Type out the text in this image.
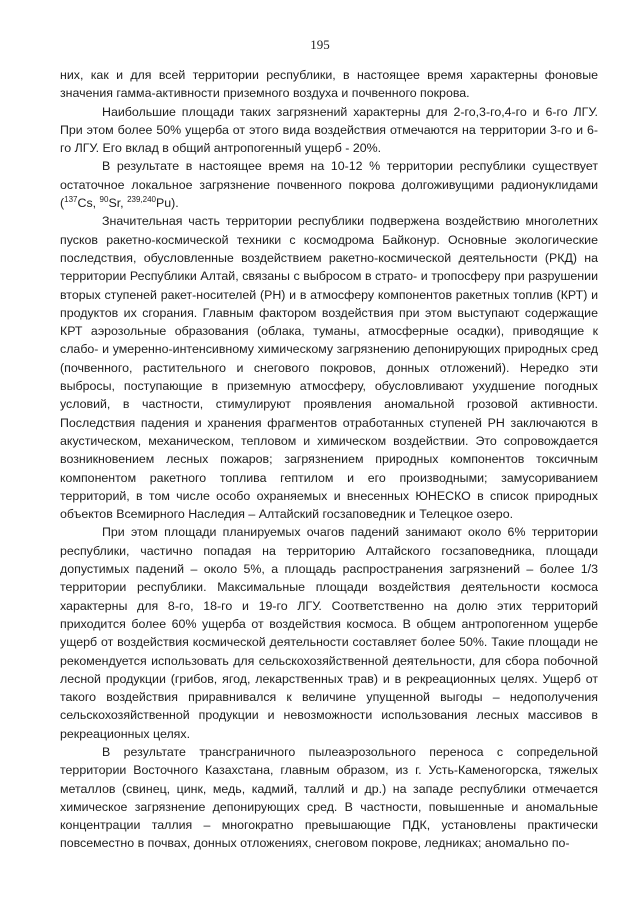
195

них, как и для всей территории республики, в настоящее время характерны фоновые значения гамма-активности приземного воздуха и почвенного покрова.

Наибольшие площади таких загрязнений характерны для 2-го,3-го,4-го и 6-го ЛГУ. При этом более 50% ущерба от этого вида воздействия отмечаются на территории 3-го и 6-го ЛГУ. Его вклад в общий антропогенный ущерб - 20%.

В результате в настоящее время на 10-12 % территории республики существует остаточное локальное загрязнение почвенного покрова долгоживущими радионуклидами ($^{137}$Cs, $^{90}$Sr, $^{239,240}$Pu).

Значительная часть территории республики подвержена воздействию многолетних пусков ракетно-космической техники с космодрома Байконур. Основные экологические последствия, обусловленные воздействием ракетно-космической деятельности (РКД) на территории Республики Алтай, связаны с выбросом в страто- и тропосферу при разрушении вторых ступеней ракет-носителей (РН) и в атмосферу компонентов ракетных топлив (КРТ) и продуктов их сгорания. Главным фактором воздействия при этом выступают содержащие КРТ аэрозольные образования (облака, туманы, атмосферные осадки), приводящие к слабо- и умеренно-интенсивному химическому загрязнению депонирующих природных сред (почвенного, растительного и снегового покровов, донных отложений). Нередко эти выбросы, поступающие в приземную атмосферу, обусловливают ухудшение погодных условий, в частности, стимулируют проявления аномальной грозовой активности. Последствия падения и хранения фрагментов отработанных ступеней РН заключаются в акустическом, механическом, тепловом и химическом воздействии. Это сопровождается возникновением лесных пожаров; загрязнением природных компонентов токсичным компонентом ракетного топлива гептилом и его производными; замусориванием территорий, в том числе особо охраняемых и внесенных ЮНЕСКО в список природных объектов Всемирного Наследия – Алтайский госзаповедник и Телецкое озеро.

При этом площади планируемых очагов падений занимают около 6% территории республики, частично попадая на территорию Алтайского госзаповедника, площади допустимых падений – около 5%, а площадь распространения загрязнений – более 1/3 территории республики. Максимальные площади воздействия деятельности космоса характерны для 8-го, 18-го и 19-го ЛГУ. Соответственно на долю этих территорий приходится более 60% ущерба от воздействия космоса. В общем антропогенном ущербе ущерб от воздействия космической деятельности составляет более 50%. Такие площади не рекомендуется использовать для сельскохозяйственной деятельности, для сбора побочной лесной продукции (грибов, ягод, лекарственных трав) и в рекреационных целях. Ущерб от такого воздействия приравнивался к величине упущенной выгоды – недополучения сельскохозяйственной продукции и невозможности использования лесных массивов в рекреационных целях.

В результате трансграничного пылеаэрозольного переноса с сопредельной территории Восточного Казахстана, главным образом, из г. Усть-Каменогорска, тяжелых металлов (свинец, цинк, медь, кадмий, таллий и др.) на западе республики отмечается химическое загрязнение депонирующих сред. В частности, повышенные и аномальные концентрации таллия – многократно превышающие ПДК, установлены практически повсеместно в почвах, донных отложениях, снеговом покрове, ледниках; аномально по-
